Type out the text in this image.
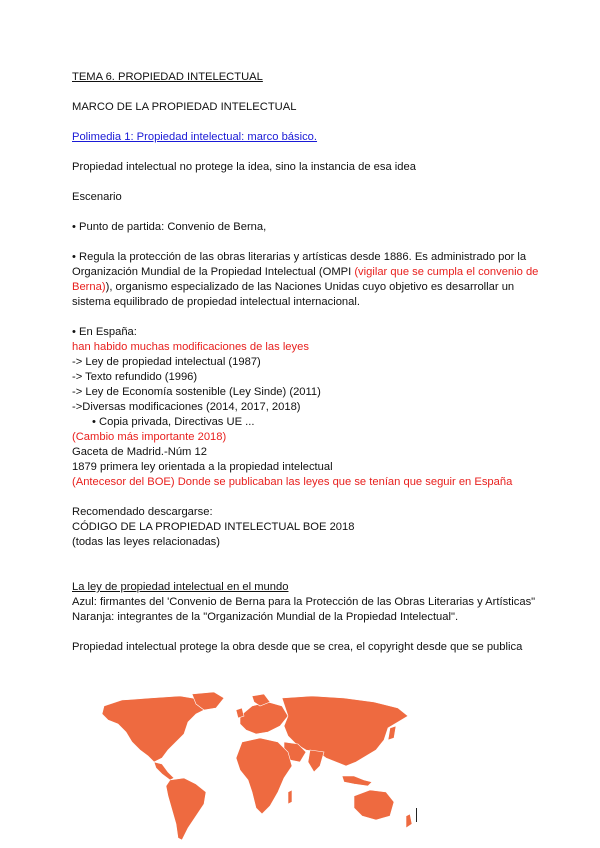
TEMA 6. PROPIEDAD INTELECTUAL

MARCO DE LA PROPIEDAD INTELECTUAL

Polimedia 1: Propiedad intelectual: marco básico.

Propiedad intelectual no protege la idea, sino la instancia de esa idea

Escenario

• Punto de partida: Convenio de Berna,

• Regula la protección de las obras literarias y artísticas desde 1886. Es administrado por la Organización Mundial de la Propiedad Intelectual (OMPI (vigilar que se cumpla el convenio de Berna)), organismo especializado de las Naciones Unidas cuyo objetivo es desarrollar un sistema equilibrado de propiedad intelectual internacional.

• En España:

han habido muchas modificaciones de las leyes

-> Ley de propiedad intelectual (1987)

-> Texto refundido (1996)

-> Ley de Economía sostenible (Ley Sinde) (2011)

->Diversas modificaciones (2014, 2017, 2018)

• Copia privada, Directivas UE ...

(Cambio más importante 2018)

Gaceta de Madrid.-Núm 12

1879 primera ley orientada a la propiedad intelectual

(Antecesor del BOE) Donde se publicaban las leyes que se tenían que seguir en España

Recomendado descargarse:

CÓDIGO DE LA PROPIEDAD INTELECTUAL BOE 2018

(todas las leyes relacionadas)

La ley de propiedad intelectual en el mundo

Azul: firmantes del 'Convenio de Berna para la Protección de las Obras Literarias y Artísticas"

Naranja: integrantes de la "Organización Mundial de la Propiedad Intelectual".

Propiedad intelectual protege la obra desde que se crea, el copyright desde que se publica
